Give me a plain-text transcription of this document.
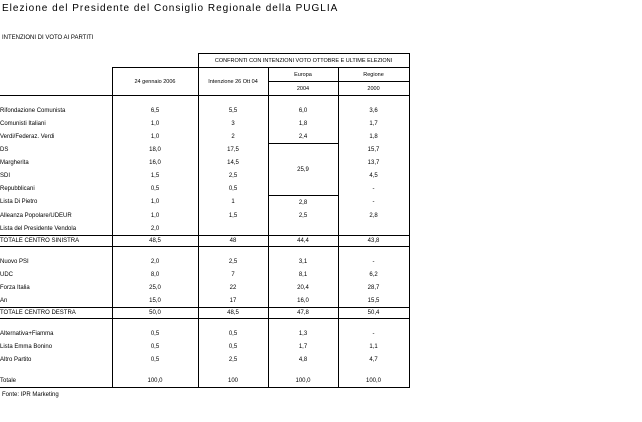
Elezione del Presidente del Consiglio Regionale della PUGLIA
INTENZIONI DI VOTO AI PARTITI
		CONFRONTI CON INTENZIONI VOTO OTTOBRE E ULTIME ELEZIONI		
	24 gennaio 2006	Intenzione 26 Ott 04	Europa	Regione
			2004	2000

Rifondazione Comunista	6,5	5,5	6,0	3,6
Comunisti Italiani	1,0	3	1,8	1,7
Verdi/Federaz. Verdi	1,0	2	2,4	1,8
DS	18,0	17,5	25,9	15,7
Margherita	16,0	14,5		13,7
SDI	1,5	2,5		4,5
Repubblicani	0,5	0,5		-
Lista Di Pietro	1,0	1	2,8	-
Alleanza Popolare/UDEUR	1,0	1,5	2,5	2,8
Lista del Presidente Vendola	2,0			
TOTALE CENTRO SINISTRA	48,5	48	44,4	43,8

Nuovo PSI	2,0	2,5	3,1	-
UDC	8,0	7	8,1	6,2
Forza Italia	25,0	22	20,4	28,7
An	15,0	17	16,0	15,5
TOTALE CENTRO DESTRA	50,0	48,5	47,8	50,4

Alternativa+Fiamma	0,5	0,5	1,3	-
Lista Emma Bonino	0,5	0,5	1,7	1,1
Altro Partito	0,5	2,5	4,8	4,7

Totale	100,0	100	100,0	100,0
Fonte: IPR Marketing
